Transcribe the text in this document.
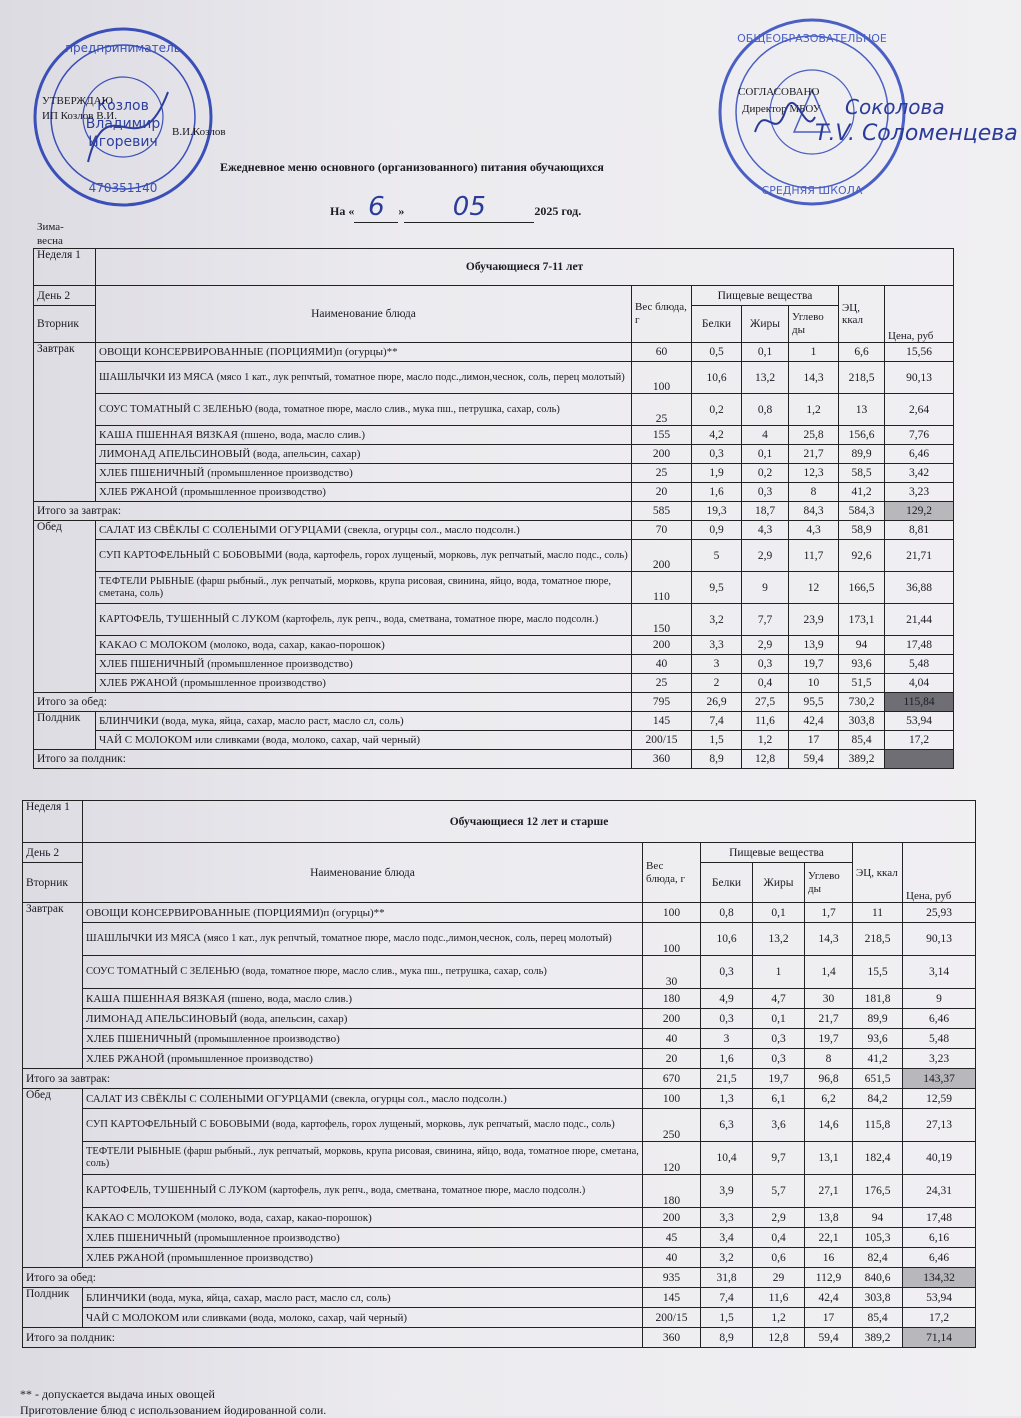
предприниматель
470351140
Козлов
Владимир
Игоревич
УТВЕРЖДАЮ
ИП Козлов В.И.
В.И.Козлов
ОБЩЕОБРАЗОВАТЕЛЬНОЕ
СРЕДНЯЯ ШКОЛА
СОГЛАСОВАНО
Директор МБОУ Соколова
Т.V. Соломенцева
Ежедневное меню основного (организованного) питания обучающихся
На « 6 » 05	2025 год.
Зима-весна
Неделя 1	Обучающиеся 7-11 лет						
День 2	Наименование блюда	Вес блюда, г	Пищевые вещества			ЭЦ, ккал	Цена, руб
Вторник			Белки	Жиры	Углево ды		
Завтрак	ОВОЩИ КОНСЕРВИРОВАННЫЕ (ПОРЦИЯМИ)п (огурцы)**	60	0,5	0,1	1	6,6	15,56
	ШАШЛЫЧКИ ИЗ МЯСА (мясо 1 кат., лук репчтый, томатное пюре, масло подс.,лимон,чеснок, соль, перец молотый)	100	10,6	13,2	14,3	218,5	90,13
	СОУС ТОМАТНЫЙ С ЗЕЛЕНЬЮ (вода, томатное пюре, масло слив., мука пш., петрушка, сахар, соль)	25	0,2	0,8	1,2	13	2,64
	КАША ПШЕННАЯ ВЯЗКАЯ (пшено, вода, масло слив.)	155	4,2	4	25,8	156,6	7,76
	ЛИМОНАД АПЕЛЬСИНОВЫЙ (вода, апельсин, сахар)	200	0,3	0,1	21,7	89,9	6,46
	ХЛЕБ ПШЕНИЧНЫЙ (промышленное производство)	25	1,9	0,2	12,3	58,5	3,42
	ХЛЕБ РЖАНОЙ (промышленное производство)	20	1,6	0,3	8	41,2	3,23
Итого за завтрак:		585	19,3	18,7	84,3	584,3	129,2
Обед	САЛАТ ИЗ СВЁКЛЫ С СОЛЕНЫМИ ОГУРЦАМИ (свекла, огурцы сол., масло подсолн.)	70	0,9	4,3	4,3	58,9	8,81
	СУП КАРТОФЕЛЬНЫЙ С БОБОВЫМИ (вода, картофель, горох лущеный, морковь, лук репчатый, масло подс., соль)	200	5	2,9	11,7	92,6	21,71
	ТЕФТЕЛИ РЫБНЫЕ (фарш рыбный., лук репчатый, морковь, крупа рисовая, свинина, яйцо, вода, томатное пюре, сметана, соль)	110	9,5	9	12	166,5	36,88
	КАРТОФЕЛЬ, ТУШЕННЫЙ С ЛУКОМ (картофель, лук репч., вода, сметвана, томатное пюре, масло подсолн.)	150	3,2	7,7	23,9	173,1	21,44
	КАКАО С МОЛОКОМ (молоко, вода, сахар, какао-порошок)	200	3,3	2,9	13,9	94	17,48
	ХЛЕБ ПШЕНИЧНЫЙ (промышленное производство)	40	3	0,3	19,7	93,6	5,48
	ХЛЕБ РЖАНОЙ (промышленное производство)	25	2	0,4	10	51,5	4,04
Итого за обед:		795	26,9	27,5	95,5	730,2	115,84
Полдник	БЛИНЧИКИ (вода, мука, яйца, сахар, масло раст, масло сл, соль)	145	7,4	11,6	42,4	303,8	53,94
	ЧАЙ С МОЛОКОМ или сливками (вода, молоко, сахар, чай черный)	200/15	1,5	1,2	17	85,4	17,2
Итого за полдник:		360	8,9	12,8	59,4	389,2	
Неделя 1	Обучающиеся 12 лет и старше						
День 2	Наименование блюда	Вес блюда, г	Пищевые вещества			ЭЦ, ккал	Цена, руб
Вторник			Белки	Жиры	Углево ды		
Завтрак	ОВОЩИ КОНСЕРВИРОВАННЫЕ (ПОРЦИЯМИ)п (огурцы)**	100	0,8	0,1	1,7	11	25,93
	ШАШЛЫЧКИ ИЗ МЯСА (мясо 1 кат., лук репчтый, томатное пюре, масло подс.,лимон,чеснок, соль, перец молотый)	100	10,6	13,2	14,3	218,5	90,13
	СОУС ТОМАТНЫЙ С ЗЕЛЕНЬЮ (вода, томатное пюре, масло слив., мука пш., петрушка, сахар, соль)	30	0,3	1	1,4	15,5	3,14
	КАША ПШЕННАЯ ВЯЗКАЯ (пшено, вода, масло слив.)	180	4,9	4,7	30	181,8	9
	ЛИМОНАД АПЕЛЬСИНОВЫЙ (вода, апельсин, сахар)	200	0,3	0,1	21,7	89,9	6,46
	ХЛЕБ ПШЕНИЧНЫЙ (промышленное производство)	40	3	0,3	19,7	93,6	5,48
	ХЛЕБ РЖАНОЙ (промышленное производство)	20	1,6	0,3	8	41,2	3,23
Итого за завтрак:		670	21,5	19,7	96,8	651,5	143,37
Обед	САЛАТ ИЗ СВЁКЛЫ С СОЛЕНЫМИ ОГУРЦАМИ (свекла, огурцы сол., масло подсолн.)	100	1,3	6,1	6,2	84,2	12,59
	СУП КАРТОФЕЛЬНЫЙ С БОБОВЫМИ (вода, картофель, горох лущеный, морковь, лук репчатый, масло подс., соль)	250	6,3	3,6	14,6	115,8	27,13
	ТЕФТЕЛИ РЫБНЫЕ (фарш рыбный., лук репчатый, морковь, крупа рисовая, свинина, яйцо, вода, томатное пюре, сметана, соль)	120	10,4	9,7	13,1	182,4	40,19
	КАРТОФЕЛЬ, ТУШЕННЫЙ С ЛУКОМ (картофель, лук репч., вода, сметвана, томатное пюре, масло подсолн.)	180	3,9	5,7	27,1	176,5	24,31
	КАКАО С МОЛОКОМ (молоко, вода, сахар, какао-порошок)	200	3,3	2,9	13,8	94	17,48
	ХЛЕБ ПШЕНИЧНЫЙ (промышленное производство)	45	3,4	0,4	22,1	105,3	6,16
	ХЛЕБ РЖАНОЙ (промышленное производство)	40	3,2	0,6	16	82,4	6,46
Итого за обед:		935	31,8	29	112,9	840,6	134,32
Полдник	БЛИНЧИКИ (вода, мука, яйца, сахар, масло раст, масло сл, соль)	145	7,4	11,6	42,4	303,8	53,94
	ЧАЙ С МОЛОКОМ или сливками (вода, молоко, сахар, чай черный)	200/15	1,5	1,2	17	85,4	17,2
Итого за полдник:		360	8,9	12,8	59,4	389,2	71,14
** - допускается выдача иных овощей
Приготовление блюд с использованием йодированной соли.
